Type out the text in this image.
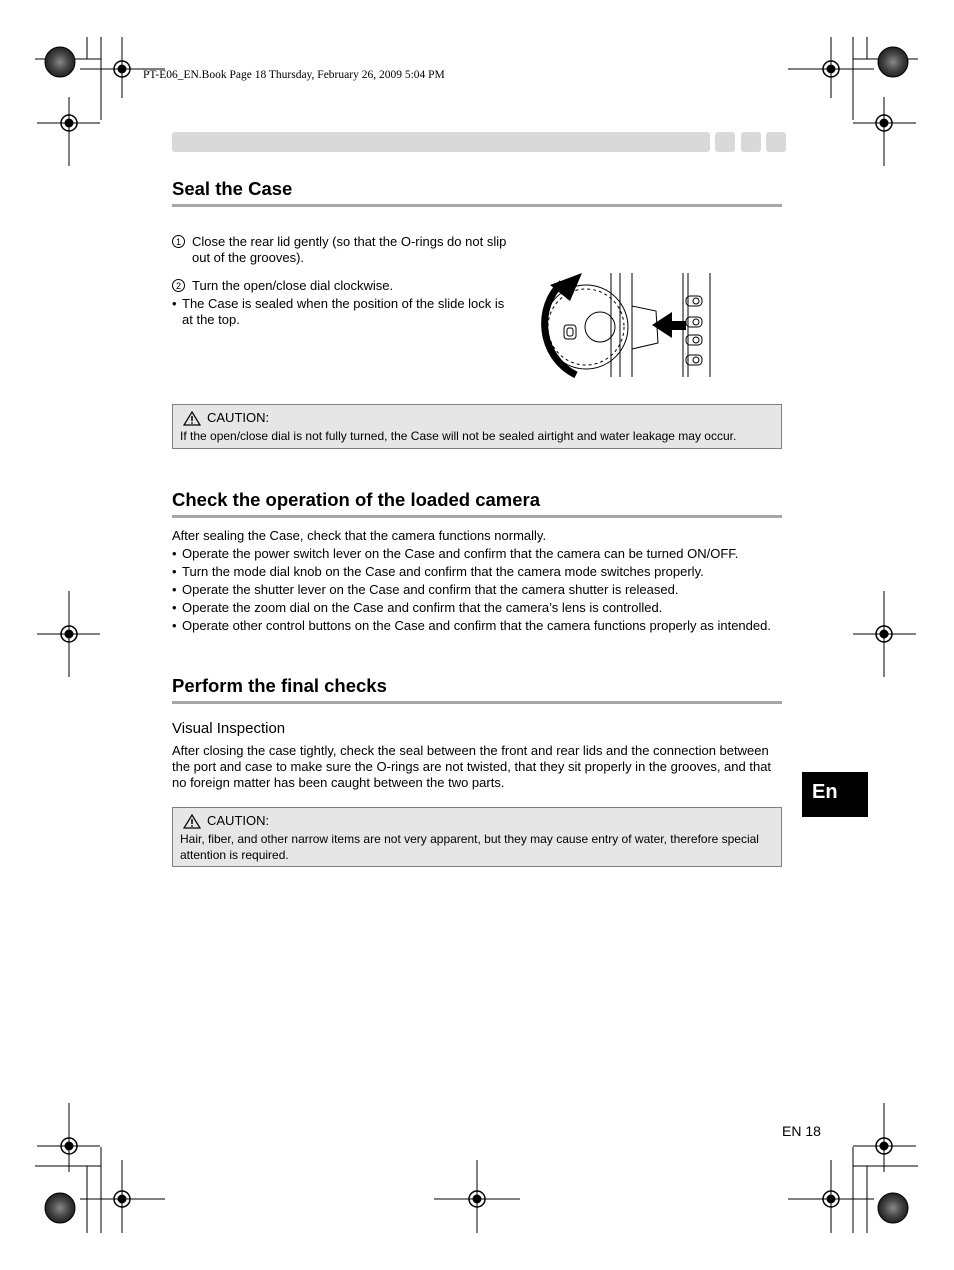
PT-E06_EN.Book Page 18 Thursday, February 26, 2009 5:04 PM
Seal the Case
1 Close the rear lid gently (so that the O-rings do not slip out of the grooves).
2 Turn the open/close dial clockwise.
• The Case is sealed when the position of the slide lock is at the top.
CAUTION:
If the open/close dial is not fully turned, the Case will not be sealed airtight and water leakage may occur.
Check the operation of the loaded camera
After sealing the Case, check that the camera functions normally.
• Operate the power switch lever on the Case and confirm that the camera can be turned ON/OFF.
• Turn the mode dial knob on the Case and confirm that the camera mode switches properly.
• Operate the shutter lever on the Case and confirm that the camera shutter is released.
• Operate the zoom dial on the Case and confirm that the camera’s lens is controlled.
• Operate other control buttons on the Case and confirm that the camera functions properly as intended.
Perform the final checks
Visual Inspection
After closing the case tightly, check the seal between the front and rear lids and the connection between the port and case to make sure the O-rings are not twisted, that they sit properly in the grooves, and that no foreign matter has been caught between the two parts.
CAUTION:
Hair, fiber, and other narrow items are not very apparent, but they may cause entry of water, therefore special attention is required.
En
EN 18
